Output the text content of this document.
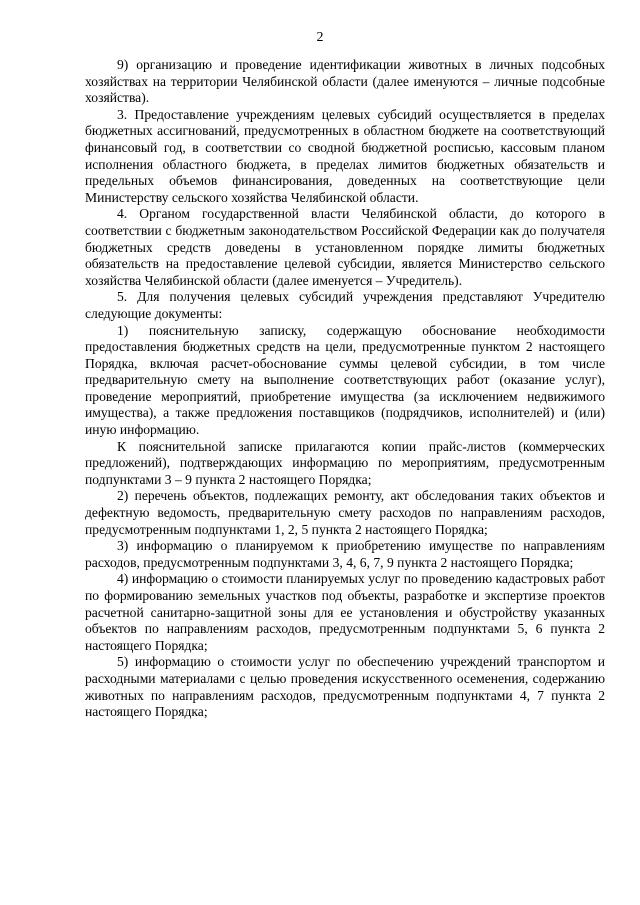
2

9) организацию и проведение идентификации животных в личных подсобных хозяйствах на территории Челябинской области (далее именуются – личные подсобные хозяйства).

3. Предоставление учреждениям целевых субсидий осуществляется в пределах бюджетных ассигнований, предусмотренных в областном бюджете на соответствующий финансовый год, в соответствии со сводной бюджетной росписью, кассовым планом исполнения областного бюджета, в пределах лимитов бюджетных обязательств и предельных объемов финансирования, доведенных на соответствующие цели Министерству сельского хозяйства Челябинской области.

4. Органом государственной власти Челябинской области, до которого в соответствии с бюджетным законодательством Российской Федерации как до получателя бюджетных средств доведены в установленном порядке лимиты бюджетных обязательств на предоставление целевой субсидии, является Министерство сельского хозяйства Челябинской области (далее именуется – Учредитель).

5. Для получения целевых субсидий учреждения представляют Учредителю следующие документы:

1) пояснительную записку, содержащую обоснование необходимости предоставления бюджетных средств на цели, предусмотренные пунктом 2 настоящего Порядка, включая расчет-обоснование суммы целевой субсидии, в том числе предварительную смету на выполнение соответствующих работ (оказание услуг), проведение мероприятий, приобретение имущества (за исключением недвижимого имущества), а также предложения поставщиков (подрядчиков, исполнителей) и (или) иную информацию.

К пояснительной записке прилагаются копии прайс-листов (коммерческих предложений), подтверждающих информацию по мероприятиям, предусмотренным подпунктами 3 – 9 пункта 2 настоящего Порядка;

2) перечень объектов, подлежащих ремонту, акт обследования таких объектов и дефектную ведомость, предварительную смету расходов по направлениям расходов, предусмотренным подпунктами 1, 2, 5 пункта 2 настоящего Порядка;

3) информацию о планируемом к приобретению имуществе по направлениям расходов, предусмотренным подпунктами 3, 4, 6, 7, 9 пункта 2 настоящего Порядка;

4) информацию о стоимости планируемых услуг по проведению кадастровых работ по формированию земельных участков под объекты, разработке и экспертизе проектов расчетной санитарно-защитной зоны для ее установления и обустройству указанных объектов по направлениям расходов, предусмотренным подпунктами 5, 6 пункта 2 настоящего Порядка;

5) информацию о стоимости услуг по обеспечению учреждений транспортом и расходными материалами с целью проведения искусственного осеменения, содержанию животных по направлениям расходов, предусмотренным подпунктами 4, 7 пункта 2 настоящего Порядка;
